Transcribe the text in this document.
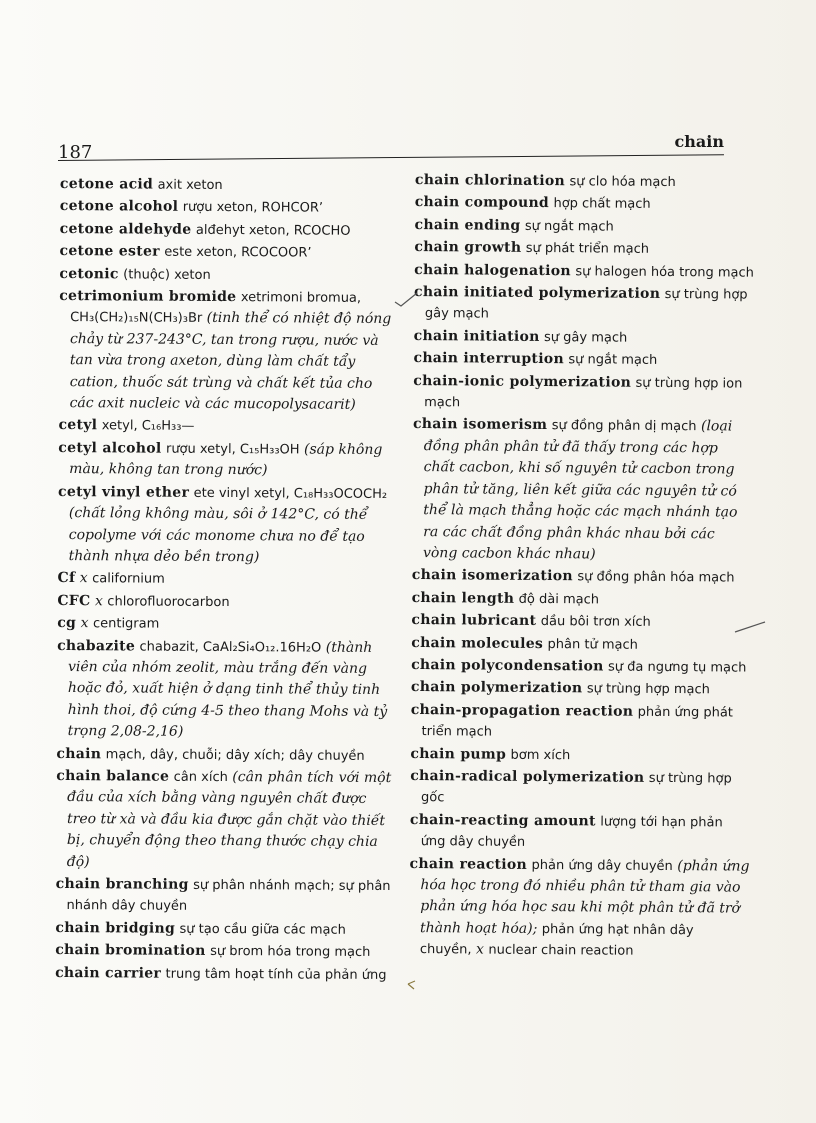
187
chain
cetone acid axit xeton
cetone alcohol rượu xeton, ROHCOR’
cetone aldehyde alđehyt xeton, RCOCHO
cetone ester este xeton, RCOCOOR’
cetonic (thuộc) xeton
cetrimonium bromide xetrimoni bromua, CH₃(CH₂)₁₅N(CH₃)₃Br (tinh thể có nhiệt độ nóng chảy từ 237-243°C, tan trong rượu, nước và tan vừa trong axeton, dùng làm chất tẩy cation, thuốc sát trùng và chất kết tủa cho các axit nucleic và các mucopolysacarit)
cetyl xetyl, C₁₆H₃₃—
cetyl alcohol rượu xetyl, C₁₅H₃₃OH (sáp không màu, không tan trong nước)
cetyl vinyl ether ete vinyl xetyl, C₁₈H₃₃OCOCH₂ (chất lỏng không màu, sôi ở 142°C, có thể copolyme với các monome chưa no để tạo thành nhựa dẻo bền trong)
Cf x californium
CFC x chlorofluorocarbon
cg x centigram
chabazite chabazit, CaAl₂Si₄O₁₂.16H₂O (thành viên của nhóm zeolit, màu trắng đến vàng hoặc đỏ, xuất hiện ở dạng tinh thể thủy tinh hình thoi, độ cứng 4-5 theo thang Mohs và tỷ trọng 2,08-2,16)
chain mạch, dây, chuỗi; dây xích; dây chuyền
chain balance cân xích (cân phân tích với một đầu của xích bằng vàng nguyên chất được treo từ xà và đầu kia được gắn chặt vào thiết bị, chuyển động theo thang thước chạy chia độ)
chain branching sự phân nhánh mạch; sự phân nhánh dây chuyền
chain bridging sự tạo cầu giữa các mạch
chain bromination sự brom hóa trong mạch
chain carrier trung tâm hoạt tính của phản ứng
chain chlorination sự clo hóa mạch
chain compound hợp chất mạch
chain ending sự ngắt mạch
chain growth sự phát triển mạch
chain halogenation sự halogen hóa trong mạch
chain initiated polymerization sự trùng hợp gây mạch
chain initiation sự gây mạch
chain interruption sự ngắt mạch
chain-ionic polymerization sự trùng hợp ion mạch
chain isomerism sự đồng phân dị mạch (loại đồng phân phân tử đã thấy trong các hợp chất cacbon, khi số nguyên tử cacbon trong phân tử tăng, liên kết giữa các nguyên tử có thể là mạch thẳng hoặc các mạch nhánh tạo ra các chất đồng phân khác nhau bởi các vòng cacbon khác nhau)
chain isomerization sự đồng phân hóa mạch
chain length độ dài mạch
chain lubricant dầu bôi trơn xích
chain molecules phân tử mạch
chain polycondensation sự đa ngưng tụ mạch
chain polymerization sự trùng hợp mạch
chain-propagation reaction phản ứng phát triển mạch
chain pump bơm xích
chain-radical polymerization sự trùng hợp gốc
chain-reacting amount lượng tới hạn phản ứng dây chuyền
chain reaction phản ứng dây chuyền (phản ứng hóa học trong đó nhiều phân tử tham gia vào phản ứng hóa học sau khi một phân tử đã trở thành hoạt hóa); phản ứng hạt nhân dây chuyền, x nuclear chain reaction
